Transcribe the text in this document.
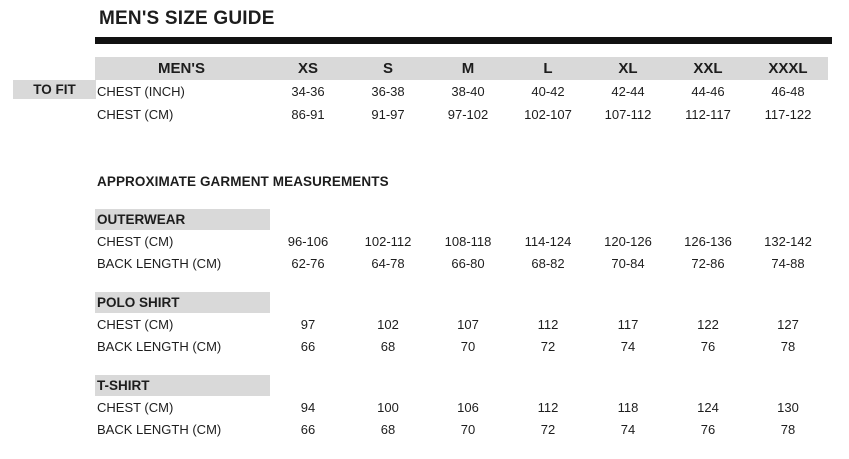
MEN'S SIZE GUIDE
TO FIT
MEN'S	XS	S	M	L	XL	XXL	XXXL
CHEST (INCH)	34-36	36-38	38-40	40-42	42-44	44-46	46-48
CHEST (CM)	86-91	91-97	97-102	102-107	107-112	112-117	117-122
APPROXIMATE GARMENT MEASUREMENTS
OUTERWEAR
CHEST (CM)	96-106	102-112	108-118	114-124	120-126	126-136	132-142
BACK LENGTH (CM)	62-76	64-78	66-80	68-82	70-84	72-86	74-88
POLO SHIRT
CHEST (CM)	97	102	107	112	117	122	127
BACK LENGTH (CM)	66	68	70	72	74	76	78
T-SHIRT
CHEST (CM)	94	100	106	112	118	124	130
BACK LENGTH (CM)	66	68	70	72	74	76	78
